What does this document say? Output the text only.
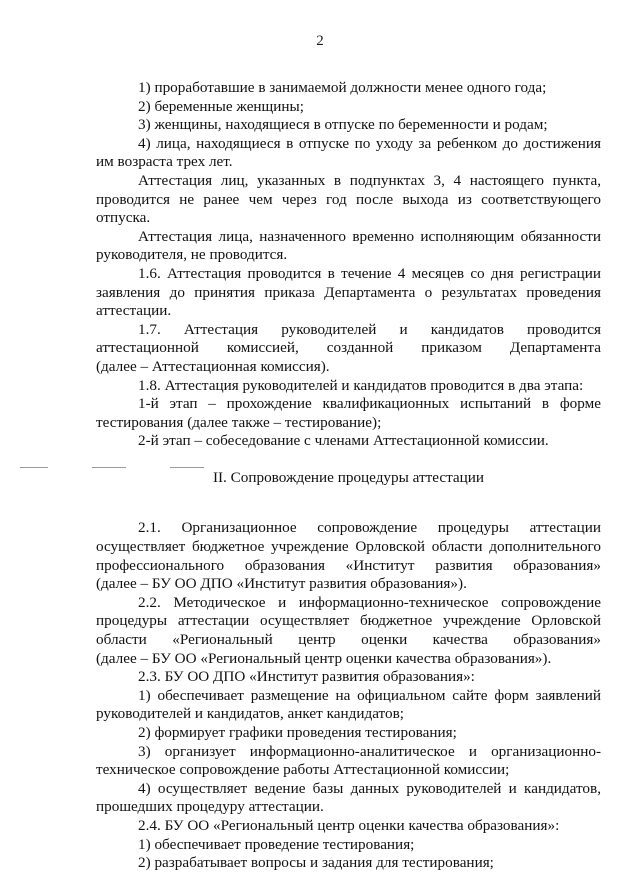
2

1) проработавшие в занимаемой должности менее одного года;

2) беременные женщины;

3) женщины, находящиеся в отпуске по беременности и родам;

4) лица, находящиеся в отпуске по уходу за ребенком до достижения им возраста трех лет.

Аттестация лиц, указанных в подпунктах 3, 4 настоящего пункта, проводится не ранее чем через год после выхода из соответствующего отпуска.

Аттестация лица, назначенного временно исполняющим обязанности руководителя, не проводится.

1.6. Аттестация проводится в течение 4 месяцев со дня регистрации заявления до принятия приказа Департамента о результатах проведения аттестации.

1.7. Аттестация руководителей и кандидатов проводится аттестационной комиссией, созданной приказом Департамента

(далее – Аттестационная комиссия).

1.8. Аттестация руководителей и кандидатов проводится в два этапа:

1-й этап – прохождение квалификационных испытаний в форме тестирования (далее также – тестирование);

2-й этап – собеседование с членами Аттестационной комиссии.

II. Сопровождение процедуры аттестации

2.1. Организационное сопровождение процедуры аттестации осуществляет бюджетное учреждение Орловской области дополнительного профессионального образования «Институт развития образования»

(далее – БУ ОО ДПО «Институт развития образования»).

2.2. Методическое и информационно-техническое сопровождение процедуры аттестации осуществляет бюджетное учреждение Орловской области «Региональный центр оценки качества образования»

(далее – БУ ОО «Региональный центр оценки качества образования»).

2.3. БУ ОО ДПО «Институт развития образования»:

1) обеспечивает размещение на официальном сайте форм заявлений руководителей и кандидатов, анкет кандидатов;

2) формирует графики проведения тестирования;

3) организует информационно-аналитическое и организационно-техническое сопровождение работы Аттестационной комиссии;

4) осуществляет ведение базы данных руководителей и кандидатов, прошедших процедуру аттестации.

2.4. БУ ОО «Региональный центр оценки качества образования»:

1) обеспечивает проведение тестирования;

2) разрабатывает вопросы и задания для тестирования;
